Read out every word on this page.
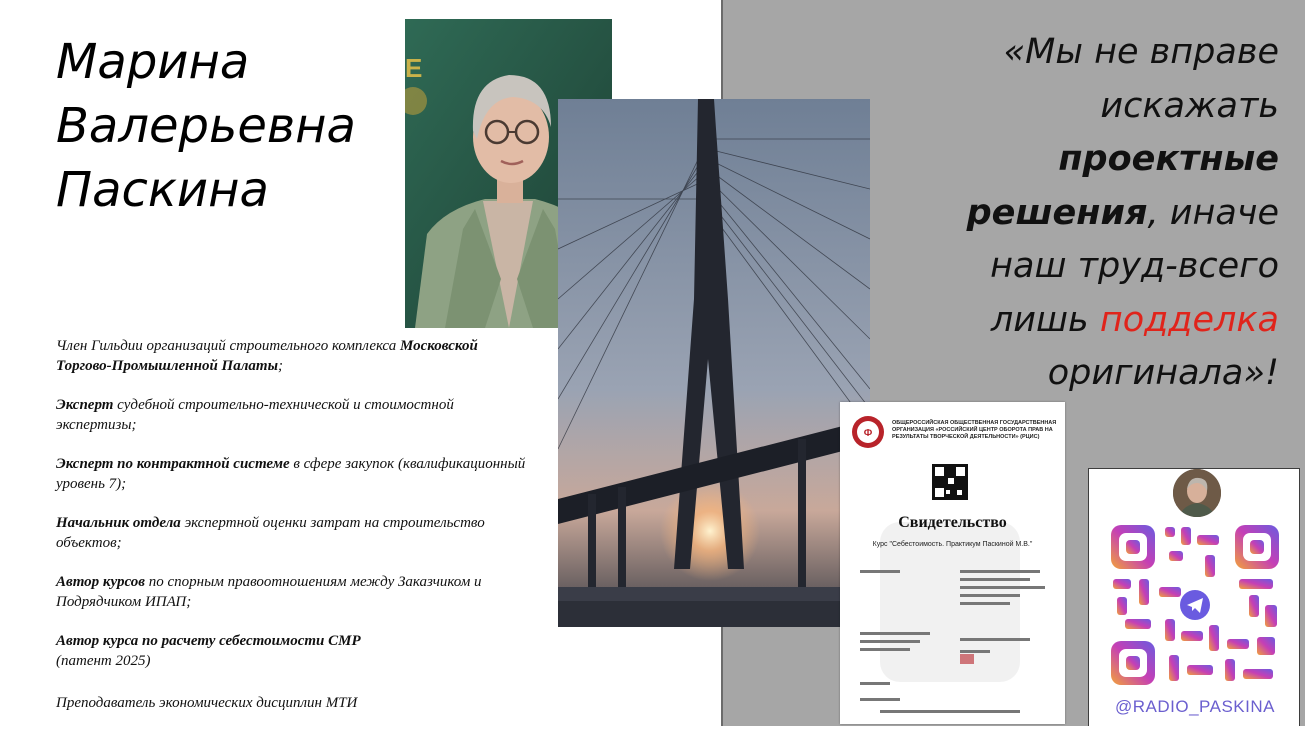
Марина
Валерьевна
Паскина

Член Гильдии организаций строительного комплекса Московской Торгово-Промышленной Палаты;

Эксперт судебной строительно-технической и стоимостной экспертизы;

Эксперт по контрактной системе в сфере закупок (квалификационный уровень 7);

Начальник отдела экспертной оценки затрат на строительство объектов;

Автор курсов по спорным правоотношениям между Заказчиком и Подрядчиком ИПАП;

Автор курса по расчету себестоимости СМР
(патент 2025)

Преподаватель экономических дисциплин МТИ

E	«Мы не вправе
искажать
проектные
решения, иначе
наш труд-всего
лишь подделка
оригинала»!
Ф
ОБЩЕРОССИЙСКАЯ ОБЩЕСТВЕННАЯ ГОСУДАРСТВЕННАЯ ОРГАНИЗАЦИЯ «РОССИЙСКИЙ ЦЕНТР ОБОРОТА ПРАВ НА РЕЗУЛЬТАТЫ ТВОРЧЕСКОЙ ДЕЯТЕЛЬНОСТИ» (РЦИС)
Свидетельство
Курс "Себестоимость. Практикум Паскиной М.В."
@RADIO_PASKINA
